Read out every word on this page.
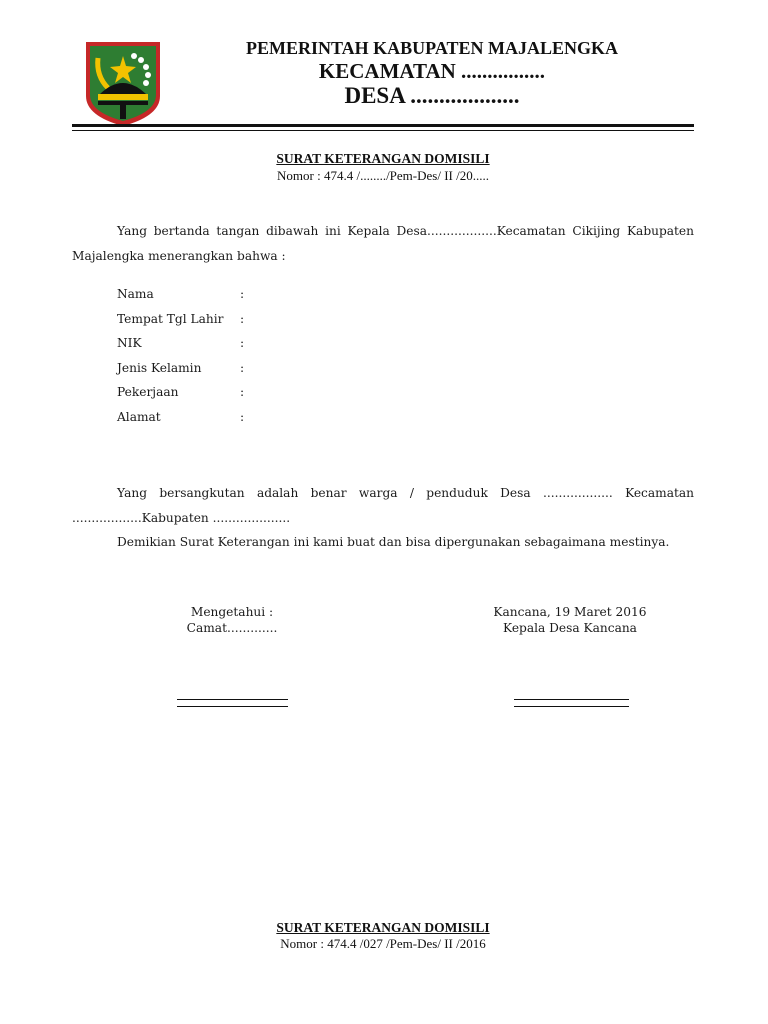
PEMERINTAH KABUPATEN MAJALENGKA
KECAMATAN ................
DESA ...................
SURAT KETERANGAN DOMISILI
Nomor : 474.4 /......../Pem-Des/ II /20.....

Yang bertanda tangan dibawah ini Kepala Desa..................Kecamatan Cikijing Kabupaten Majalengka menerangkan bahwa :

Nama	:
Tempat Tgl Lahir	:
NIK	:
Jenis Kelamin	:
Pekerjaan	:
Alamat	:

Yang bersangkutan adalah benar warga / penduduk Desa .................. Kecamatan ..................Kabupaten ....................

Demikian Surat Keterangan ini kami buat dan bisa dipergunakan sebagaimana mestinya.

Mengetahui :
Camat.............
Kancana, 19 Maret 2016
Kepala Desa Kancana
SURAT KETERANGAN DOMISILI
Nomor : 474.4 /027 /Pem-Des/ II /2016
